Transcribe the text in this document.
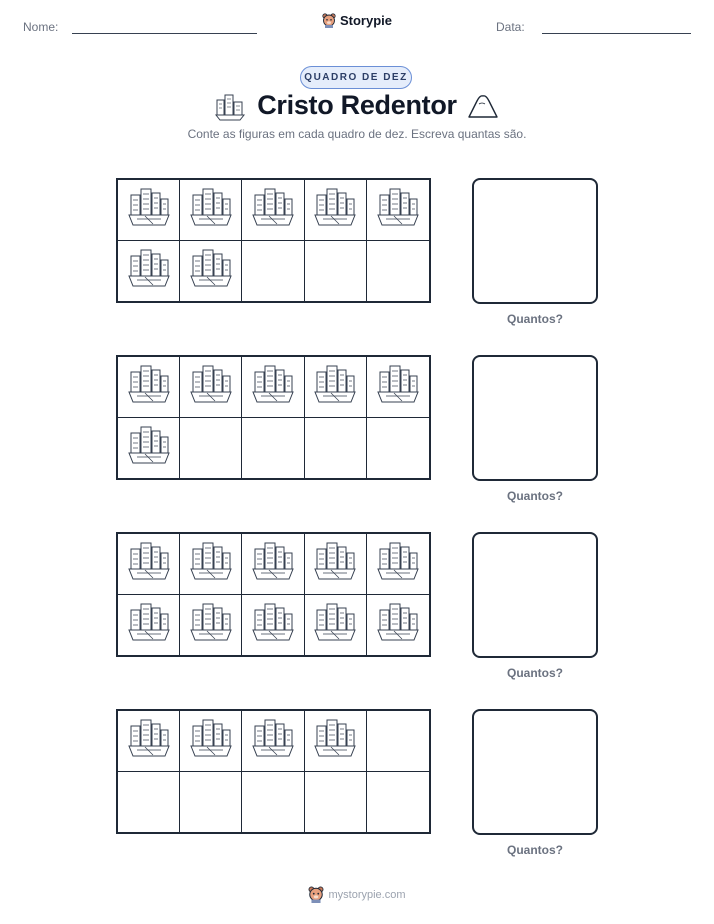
Nome:	Storypie	Data:
QUADRO DE DEZ
Cristo Redentor
Conte as figuras em cada quadro de dez. Escreva quantas são.
Quantos?
Quantos?
Quantos?
Quantos?
mystorypie.com
